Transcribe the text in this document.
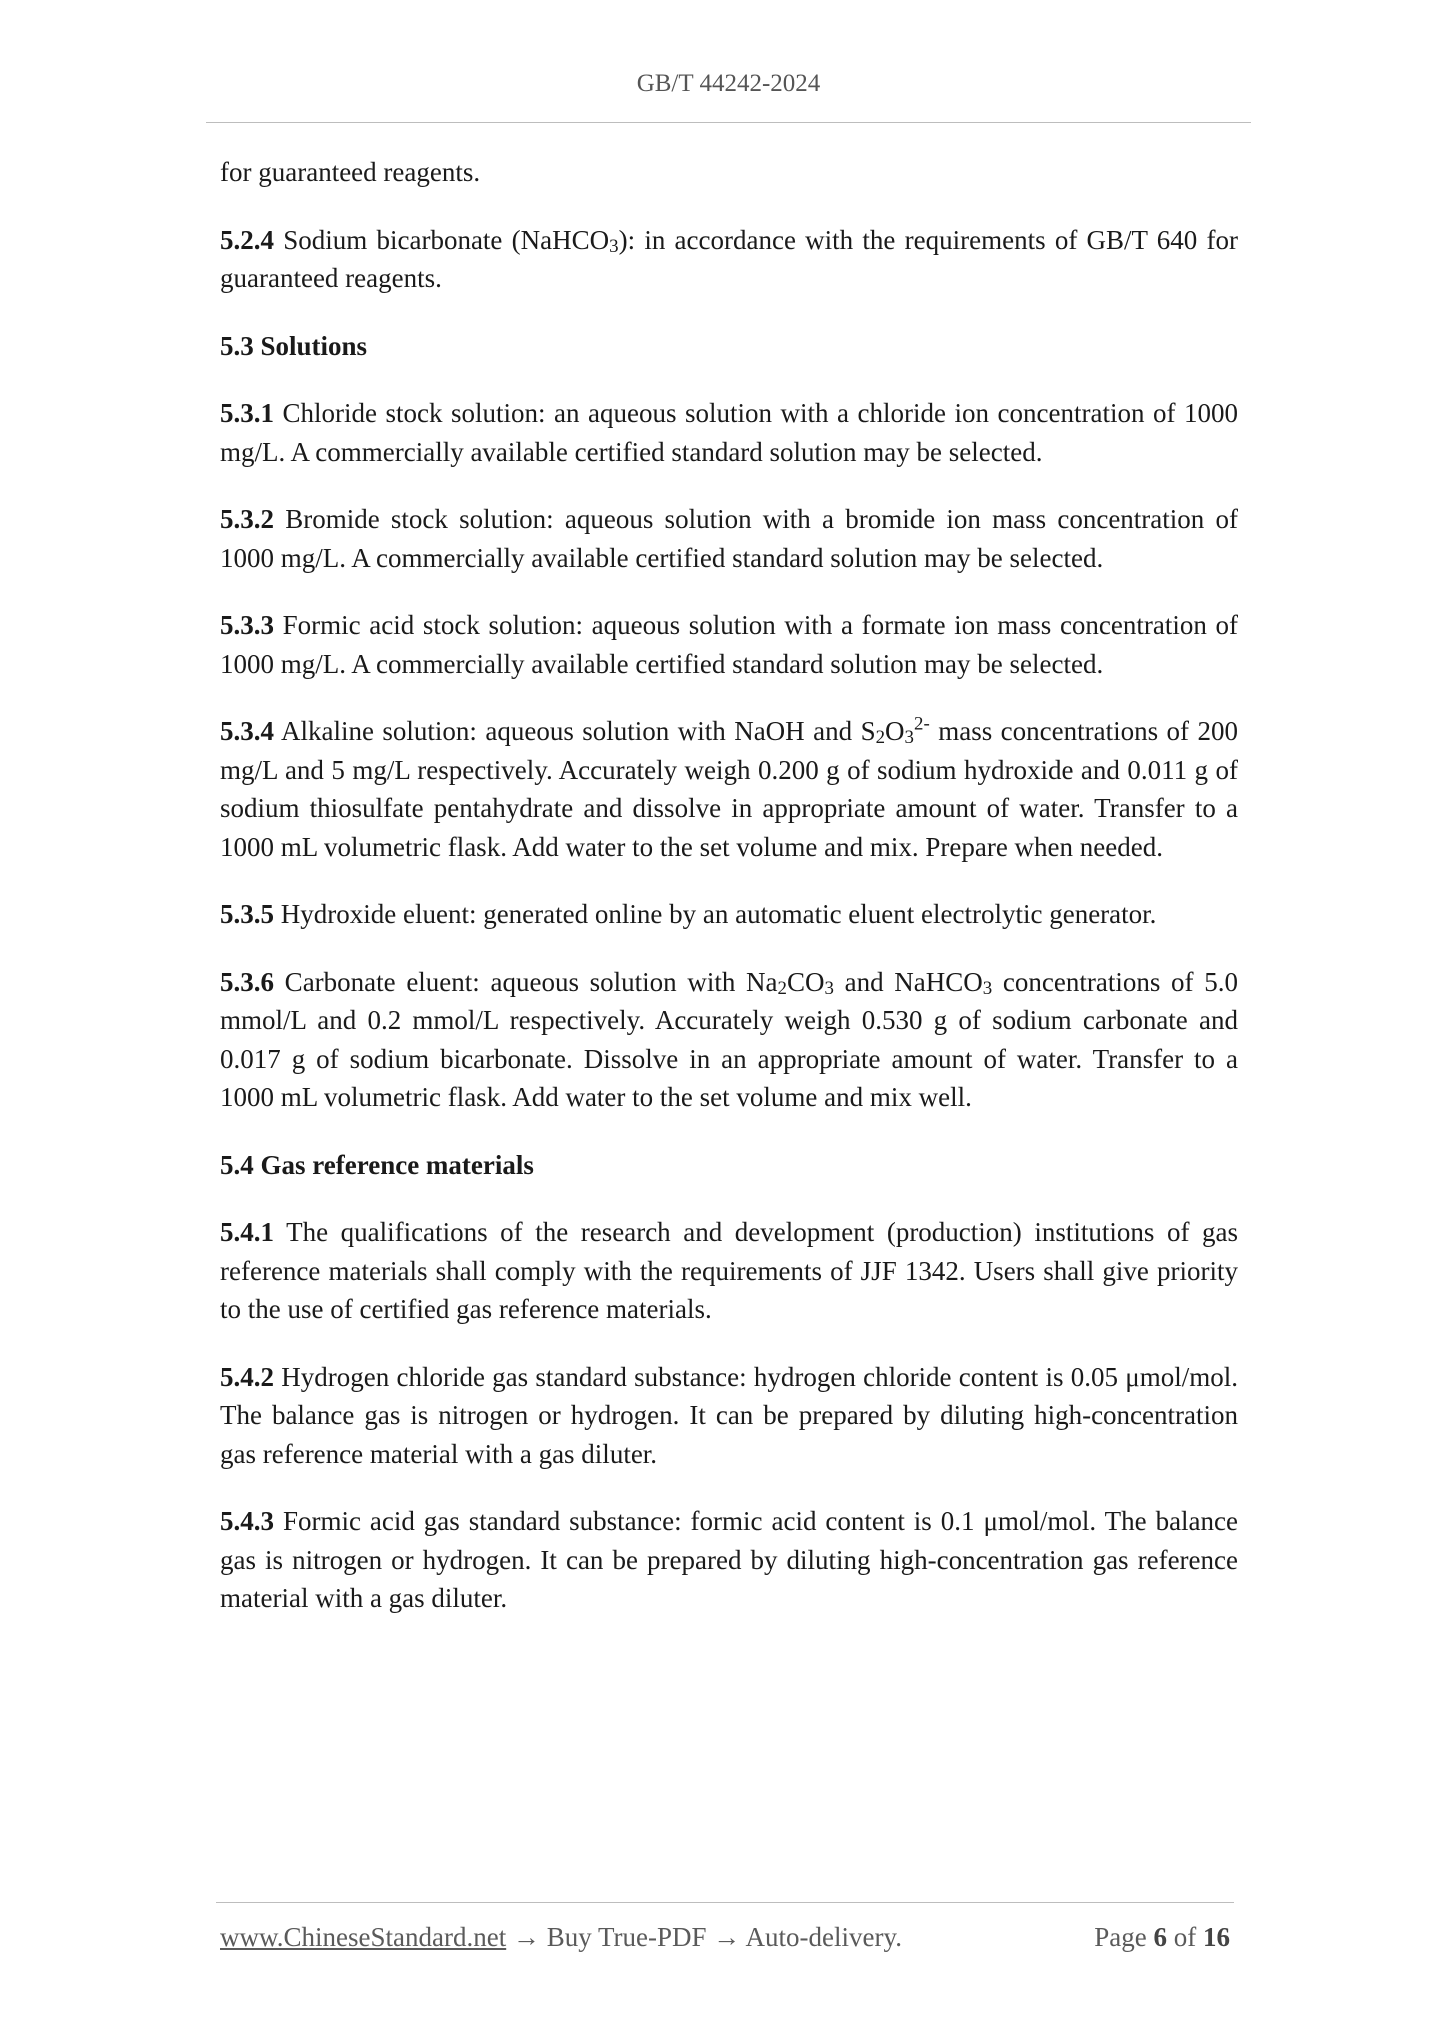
GB/T 44242-2024

for guaranteed reagents.

5.2.4 Sodium bicarbonate (NaHCO$_3$): in accordance with the requirements of GB/T 640 for guaranteed reagents.

5.3 Solutions

5.3.1 Chloride stock solution: an aqueous solution with a chloride ion concentration of 1000 mg/L. A commercially available certified standard solution may be selected.

5.3.2 Bromide stock solution: aqueous solution with a bromide ion mass concentration of 1000 mg/L. A commercially available certified standard solution may be selected.

5.3.3 Formic acid stock solution: aqueous solution with a formate ion mass concentration of 1000 mg/L. A commercially available certified standard solution may be selected.

5.3.4 Alkaline solution: aqueous solution with NaOH and $S_2O_3^{2-}$ mass concentrations of 200 mg/L and 5 mg/L respectively. Accurately weigh 0.200 g of sodium hydroxide and 0.011 g of sodium thiosulfate pentahydrate and dissolve in appropriate amount of water. Transfer to a 1000 mL volumetric flask. Add water to the set volume and mix. Prepare when needed.

5.3.5 Hydroxide eluent: generated online by an automatic eluent electrolytic generator.

5.3.6 Carbonate eluent: aqueous solution with $Na_2CO_3$ and NaHCO$_3$ concentrations of 5.0 mmol/L and 0.2 mmol/L respectively. Accurately weigh 0.530 g of sodium carbonate and 0.017 g of sodium bicarbonate. Dissolve in an appropriate amount of water. Transfer to a 1000 mL volumetric flask. Add water to the set volume and mix well.

5.4 Gas reference materials

5.4.1 The qualifications of the research and development (production) institutions of gas reference materials shall comply with the requirements of JJF 1342. Users shall give priority to the use of certified gas reference materials.

5.4.2 Hydrogen chloride gas standard substance: hydrogen chloride content is 0.05 μmol/mol. The balance gas is nitrogen or hydrogen. It can be prepared by diluting high-concentration gas reference material with a gas diluter.

5.4.3 Formic acid gas standard substance: formic acid content is 0.1 μmol/mol. The balance gas is nitrogen or hydrogen. It can be prepared by diluting high-concentration gas reference material with a gas diluter.

www.ChineseStandard.net → Buy True-PDF → Auto-delivery.	Page 6 of 16
